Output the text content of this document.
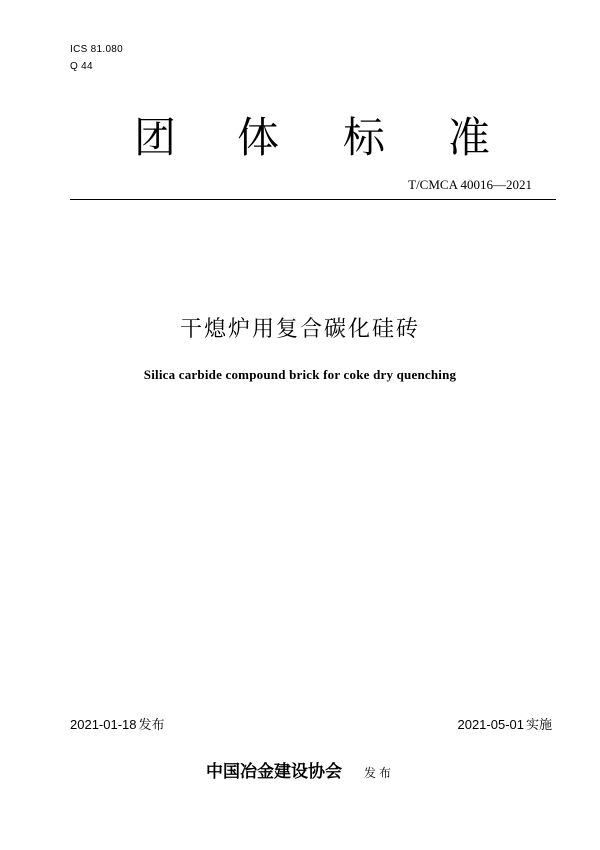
ICS 81.080
Q 44
团 体 标 准
T/CMCA 40016—2021
干熄炉用复合碳化硅砖
Silica carbide compound brick for coke dry quenching
2021-01-18 发布	2021-05-01 实施
中国冶金建设协会 发布
